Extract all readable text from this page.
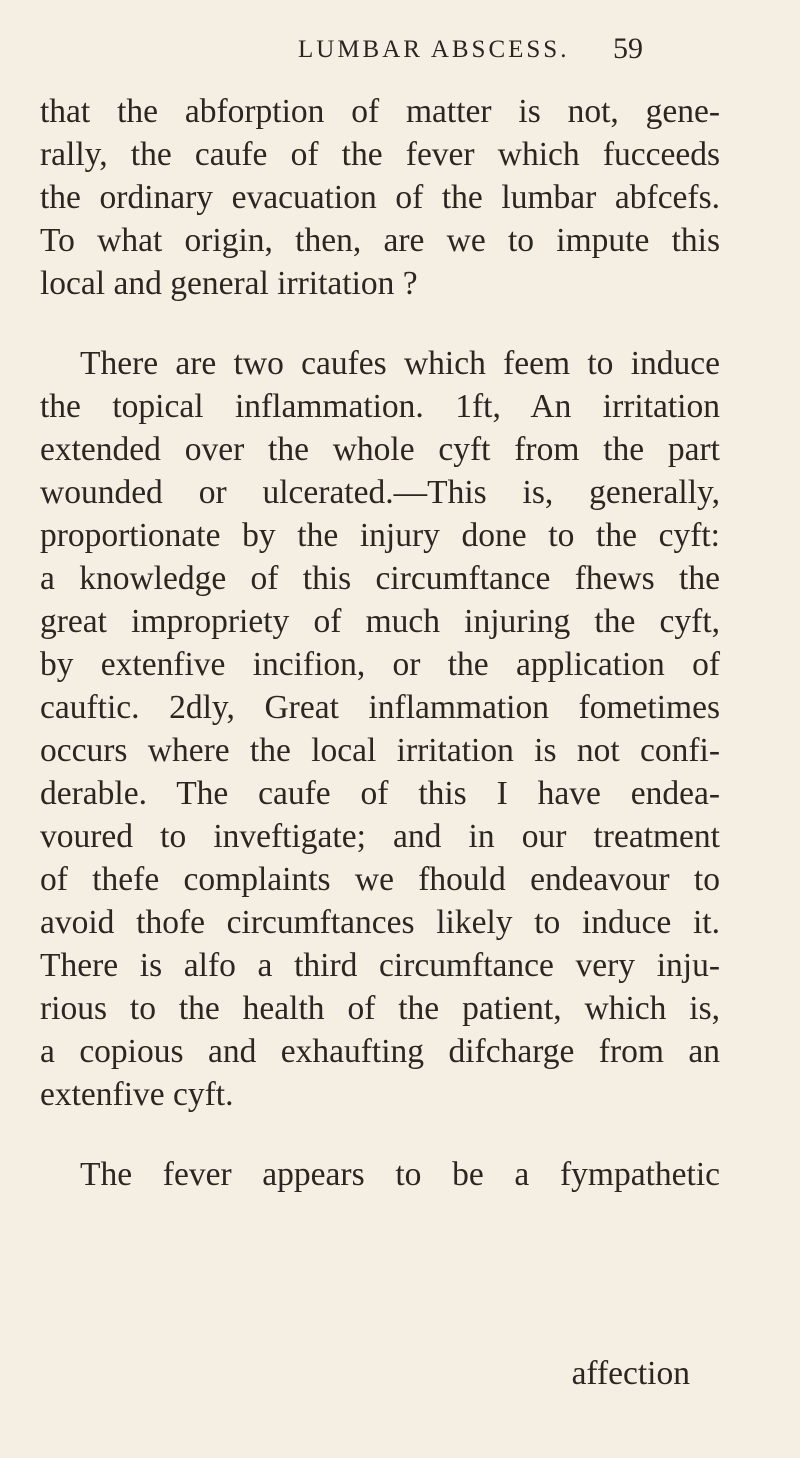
LUMBAR ABSCESS. 59
that the abforption of matter is not, gene-
rally, the caufe of the fever which fucceeds
the ordinary evacuation of the lumbar abfcefs.
To what origin, then, are we to impute this
local and general irritation ?
There are two caufes which feem to induce
the topical inflammation. 1ft, An irritation
extended over the whole cyft from the part
wounded or ulcerated.—This is, generally,
proportionate by the injury done to the cyft:
a knowledge of this circumftance fhews the
great impropriety of much injuring the cyft,
by extenfive incifion, or the application of
cauftic. 2dly, Great inflammation fometimes
occurs where the local irritation is not confi-
derable. The caufe of this I have endea-
voured to inveftigate; and in our treatment
of thefe complaints we fhould endeavour to
avoid thofe circumftances likely to induce it.
There is alfo a third circumftance very inju-
rious to the health of the patient, which is,
a copious and exhaufting difcharge from an
extenfive cyft.
The fever appears to be a fympathetic
affection
